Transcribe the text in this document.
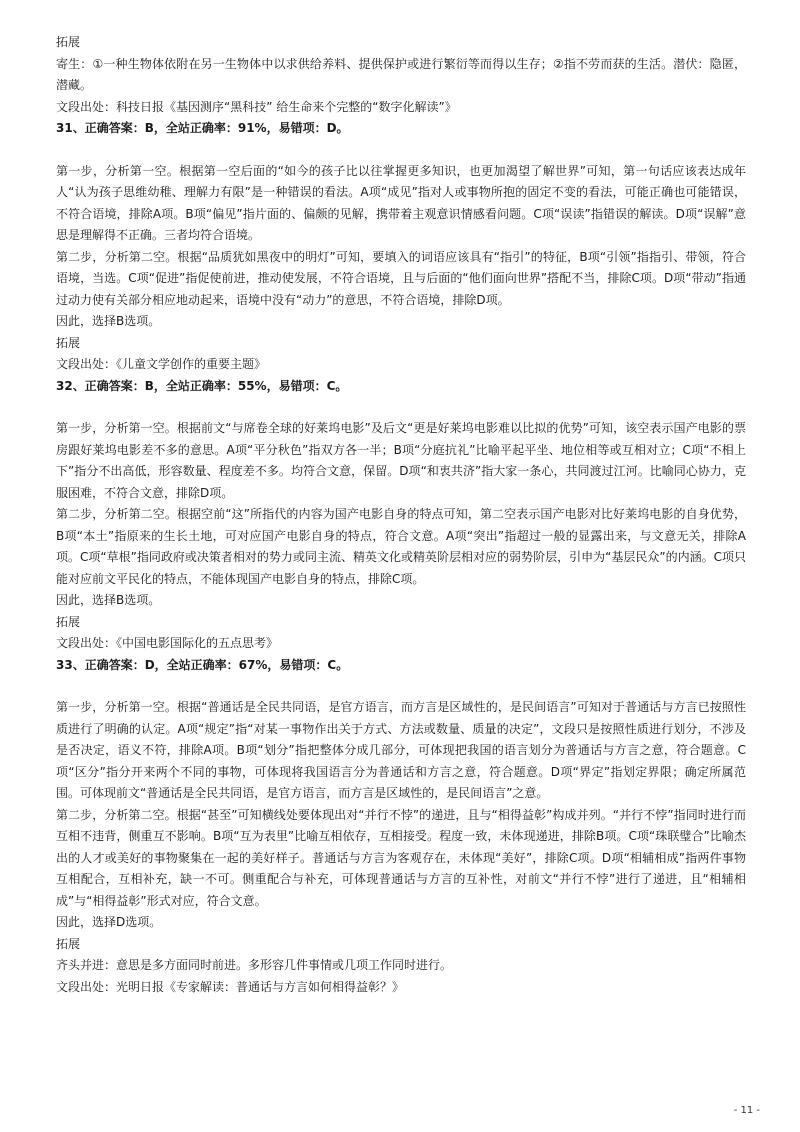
拓展

寄生：①一种生物体依附在另一生物体中以求供给养料、提供保护或进行繁衍等而得以生存；②指不劳而获的生活。潜伏：隐匿，潜藏。

文段出处：科技日报《基因测序“黑科技” 给生命来个完整的“数字化解读”》

31、正确答案：B，全站正确率：91%，易错项：D。

第一步，分析第一空。根据第一空后面的“如今的孩子比以往掌握更多知识，也更加渴望了解世界”可知，第一句话应该表达成年人“认为孩子思维幼稚、理解力有限”是一种错误的看法。A项“成见”指对人或事物所抱的固定不变的看法，可能正确也可能错误，不符合语境，排除A项。B项“偏见”指片面的、偏颇的见解，携带着主观意识情感看问题。C项“误读”指错误的解读。D项“误解”意思是理解得不正确。三者均符合语境。

第二步，分析第二空。根据“品质犹如黑夜中的明灯”可知，要填入的词语应该具有“指引”的特征，B项“引领”指指引、带领，符合语境，当选。C项“促进”指促使前进，推动使发展，不符合语境，且与后面的“他们面向世界”搭配不当，排除C项。D项“带动”指通过动力使有关部分相应地动起来，语境中没有“动力”的意思，不符合语境，排除D项。

因此，选择B选项。

拓展

文段出处：《儿童文学创作的重要主题》

32、正确答案：B，全站正确率：55%，易错项：C。

第一步，分析第一空。根据前文“与席卷全球的好莱坞电影”及后文“更是好莱坞电影难以比拟的优势”可知，该空表示国产电影的票房跟好莱坞电影差不多的意思。A项“平分秋色”指双方各一半；B项“分庭抗礼”比喻平起平坐、地位相等或互相对立；C项“不相上下”指分不出高低，形容数量、程度差不多。均符合文意，保留。D项“和衷共济”指大家一条心，共同渡过江河。比喻同心协力，克服困难，不符合文意，排除D项。

第二步，分析第二空。根据空前“这”所指代的内容为国产电影自身的特点可知，第二空表示国产电影对比好莱坞电影的自身优势，B项“本土”指原来的生长土地，可对应国产电影自身的特点，符合文意。A项“突出”指超过一般的显露出来，与文意无关，排除A项。C项“草根”指同政府或决策者相对的势力或同主流、精英文化或精英阶层相对应的弱势阶层，引申为“基层民众”的内涵。C项只能对应前文平民化的特点，不能体现国产电影自身的特点，排除C项。

因此，选择B选项。

拓展

文段出处：《中国电影国际化的五点思考》

33、正确答案：D，全站正确率：67%，易错项：C。

第一步，分析第一空。根据“普通话是全民共同语，是官方语言，而方言是区域性的，是民间语言”可知对于普通话与方言已按照性质进行了明确的认定。A项“规定”指“对某一事物作出关于方式、方法或数量、质量的决定”，文段只是按照性质进行划分，不涉及是否决定，语义不符，排除A项。B项“划分”指把整体分成几部分，可体现把我国的语言划分为普通话与方言之意，符合题意。C项“区分”指分开来两个不同的事物，可体现将我国语言分为普通话和方言之意，符合题意。D项“界定”指划定界限；确定所属范围。可体现前文“普通话是全民共同语，是官方语言，而方言是区域性的，是民间语言”之意。

第二步，分析第二空。根据“甚至”可知横线处要体现出对“并行不悖”的递进，且与“相得益彰”构成并列。“并行不悖”指同时进行而互相不违背，侧重互不影响。B项“互为表里”比喻互相依存，互相接受。程度一致，未体现递进，排除B项。C项“珠联璧合”比喻杰出的人才或美好的事物聚集在一起的美好样子。普通话与方言为客观存在，未体现“美好”，排除C项。D项“相辅相成”指两件事物互相配合，互相补充，缺一不可。侧重配合与补充，可体现普通话与方言的互补性，对前文“并行不悖”进行了递进，且“相辅相成”与“相得益彰”形式对应，符合文意。

因此，选择D选项。

拓展

齐头并进：意思是多方面同时前进。多形容几件事情或几项工作同时进行。

文段出处：光明日报《专家解读：普通话与方言如何相得益彰？》

- 11 -
